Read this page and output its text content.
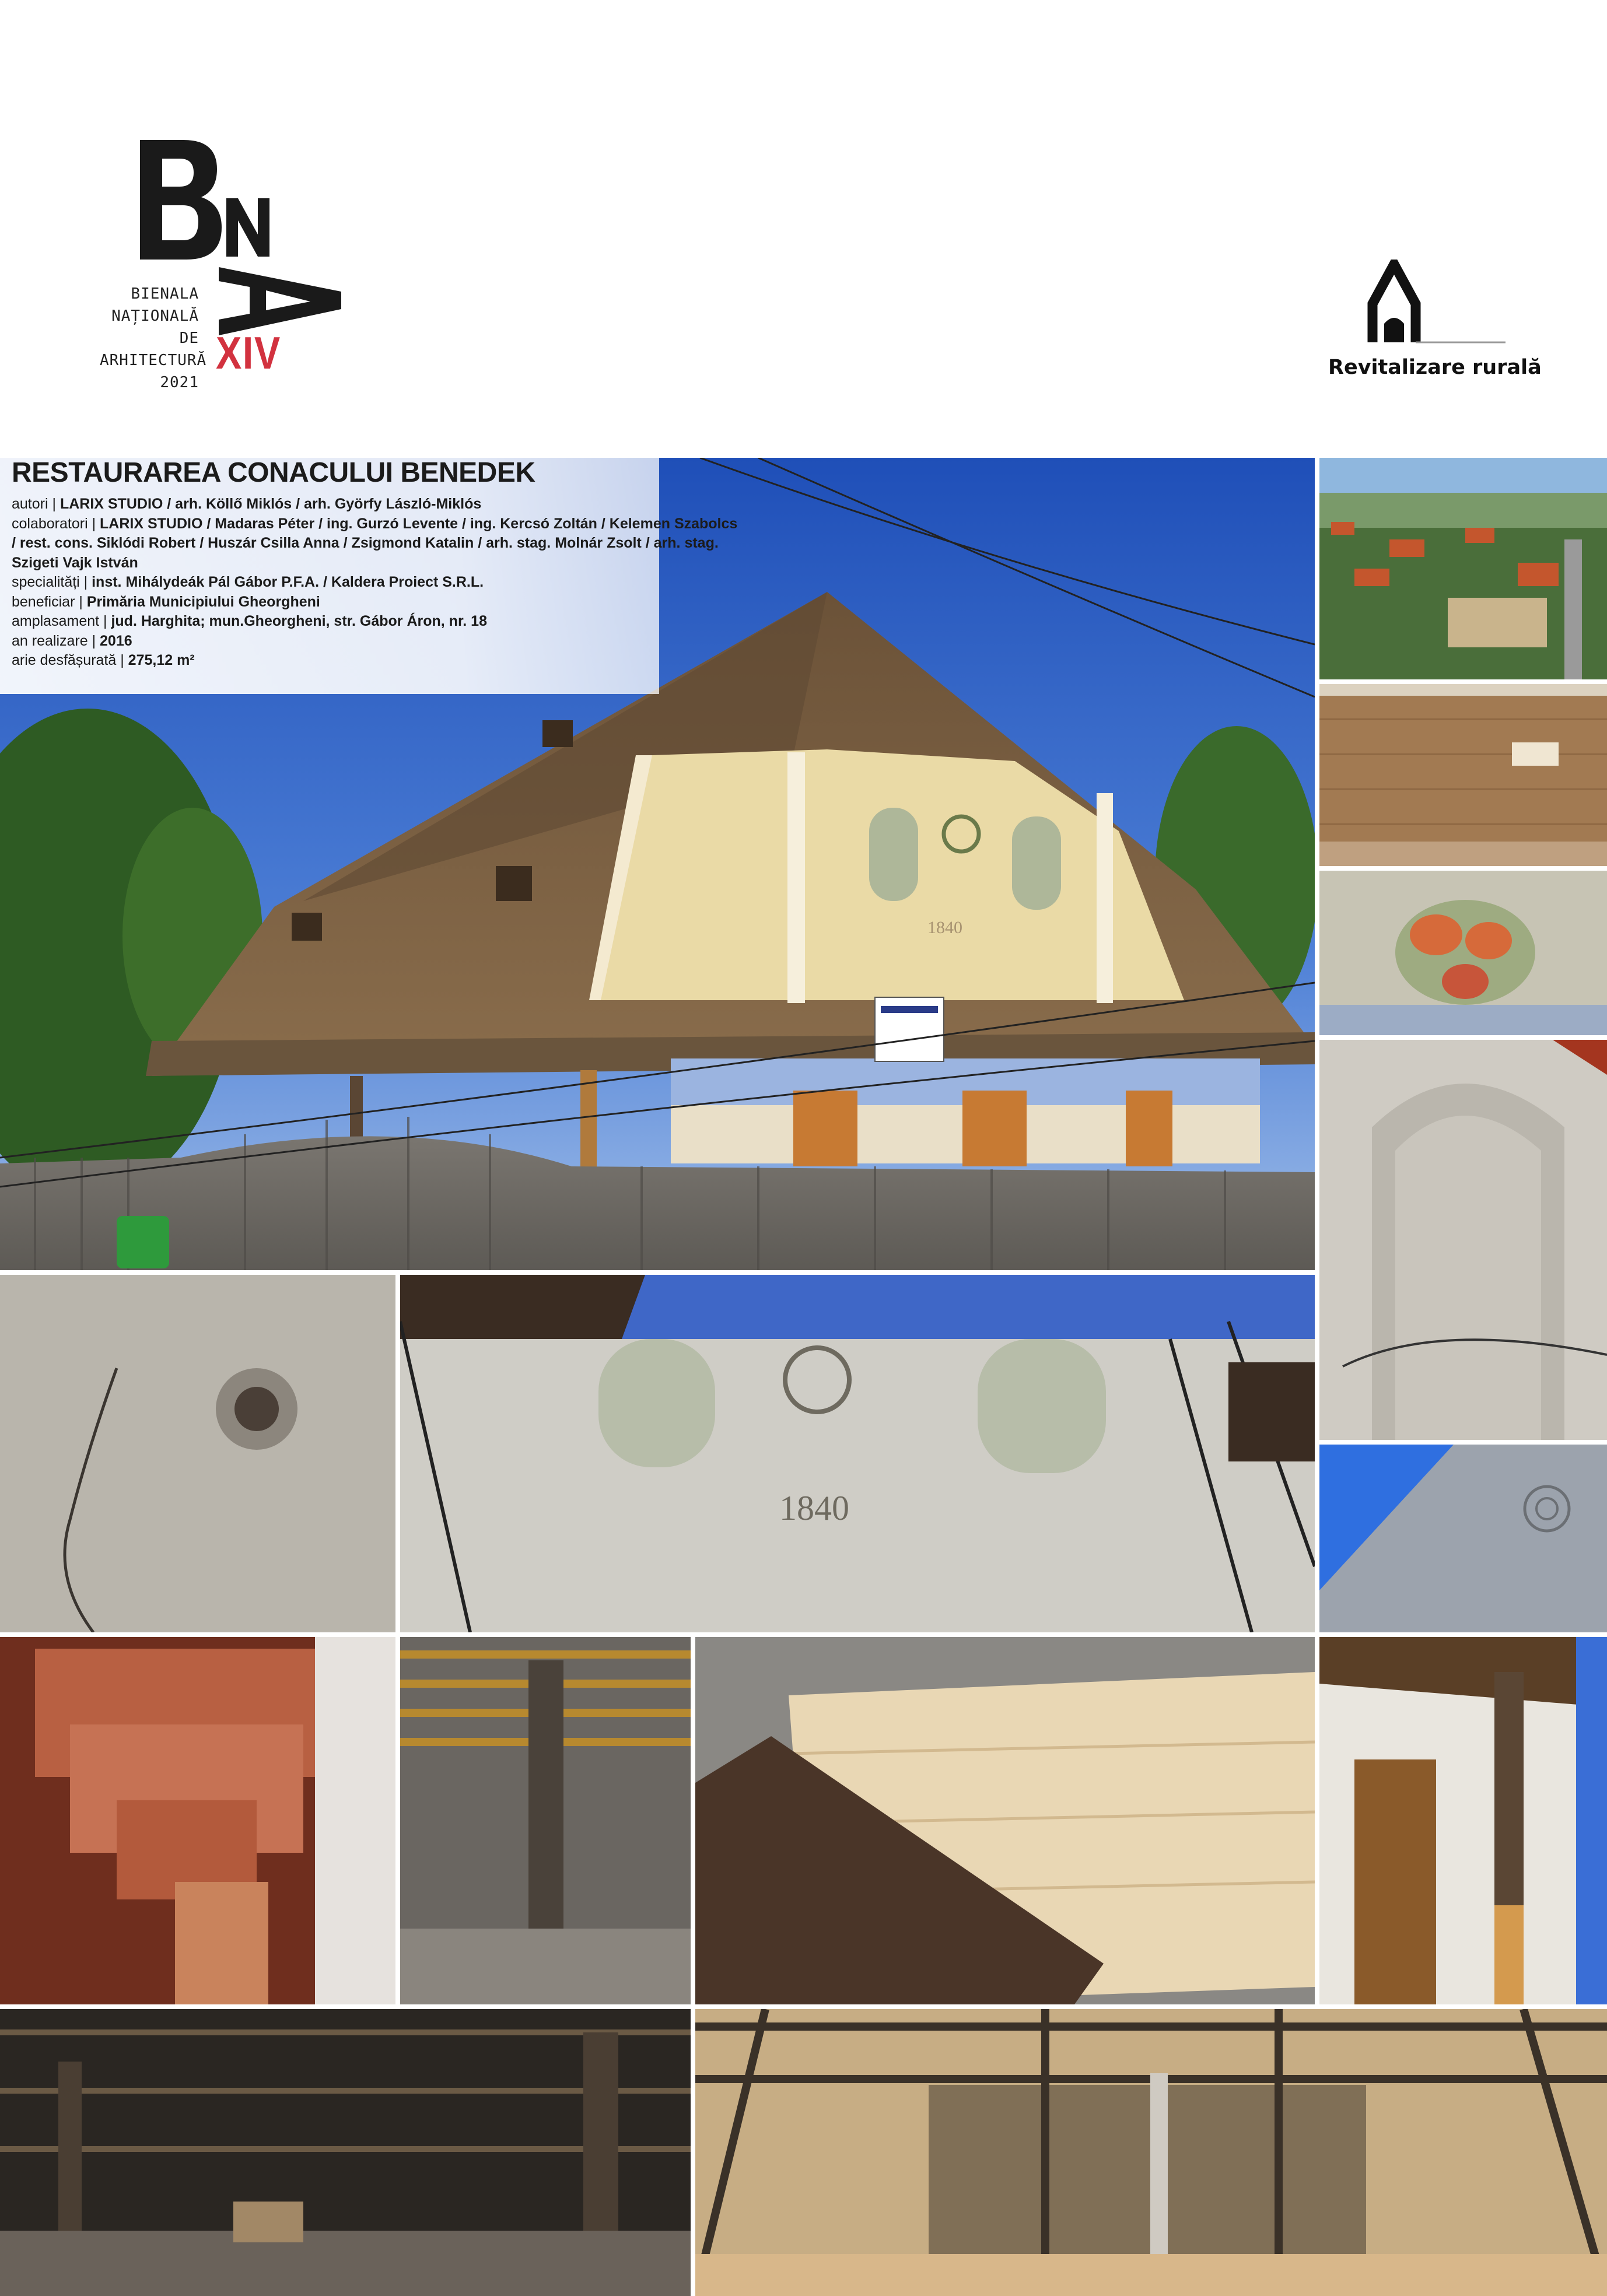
BIENALA
NAȚIONALĂ
DE
ARHITECTURĂ
2021
XIV	Revitalizare rurală
1840
1840
RESTAURAREA CONACULUI BENEDEK
autori | LARIX STUDIO / arh. Köllő Miklós / arh. Györfy László-Miklós
colaboratori | LARIX STUDIO / Madaras Péter / ing. Gurzó Levente / ing. Kercsó Zoltán / Kelemen Szabolcs
/ rest. cons. Siklódi Robert / Huszár Csilla Anna / Zsigmond Katalin / arh. stag. Molnár Zsolt / arh. stag.
Szigeti Vajk István
specialități | inst. Mihálydeák Pál Gábor P.F.A. / Kaldera Proiect S.R.L.
beneficiar | Primăria Municipiului Gheorgheni
amplasament | jud. Harghita; mun.Gheorgheni, str. Gábor Áron, nr. 18
an realizare | 2016
arie desfășurată | 275,12 m²
